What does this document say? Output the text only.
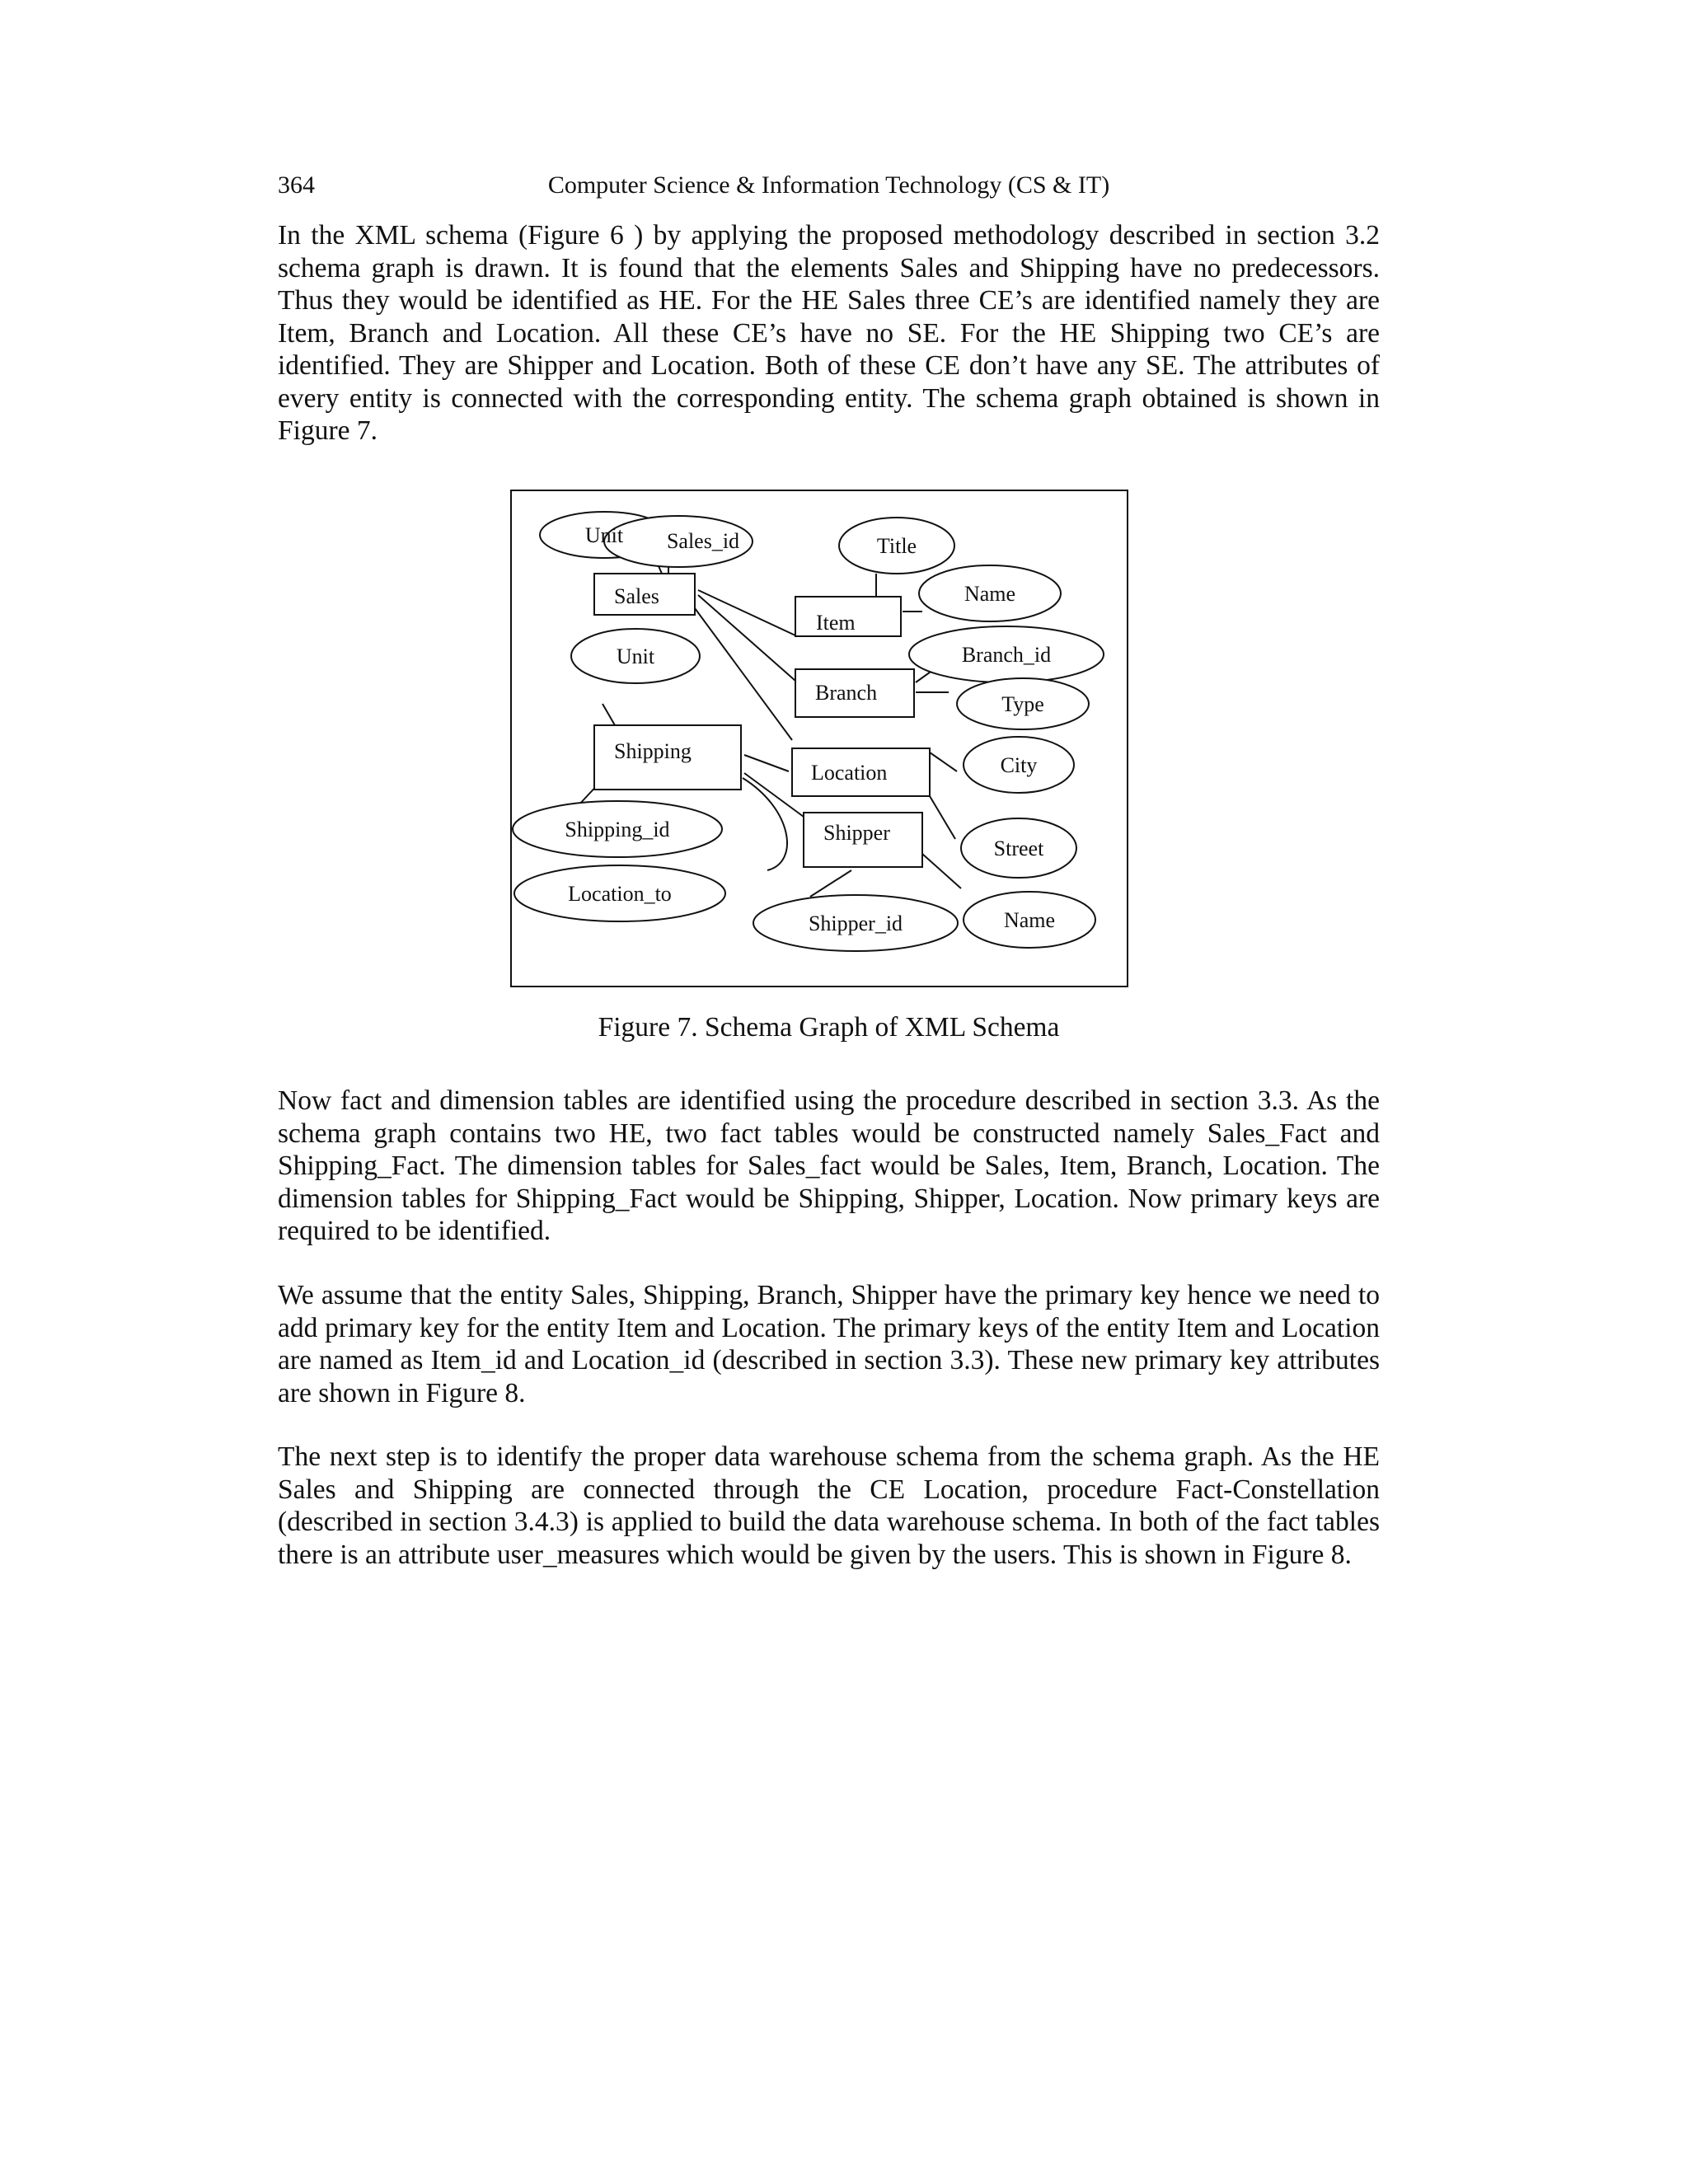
364	Computer Science & Information Technology (CS & IT)

In the XML schema (Figure 6 ) by applying the proposed methodology described in section 3.2 schema graph is drawn. It is found that the elements Sales and Shipping have no predecessors. Thus they would be identified as HE. For the HE Sales three CE’s are identified namely they are Item, Branch and Location. All these CE’s have no SE. For the HE Shipping two CE’s are identified. They are Shipper and Location. Both of these CE don’t have any SE. The attributes of every entity is connected with the corresponding entity. The schema graph obtained is shown in Figure 7.

Sales
Item
Branch
Shipping
Location
Shipper
Unit Sales_id	Title
Name
Branch_id
Type
Unit
City
Street
Name
Shipping_id
Location_to
Shipper_id
Figure 7. Schema Graph of XML Schema

Now fact and dimension tables are identified using the procedure described in section 3.3. As the schema graph contains two HE, two fact tables would be constructed namely Sales_Fact and Shipping_Fact. The dimension tables for Sales_fact would be Sales, Item, Branch, Location. The dimension tables for Shipping_Fact would be Shipping, Shipper, Location. Now primary keys are required to be identified.

We assume that the entity Sales, Shipping, Branch, Shipper have the primary key hence we need to add primary key for the entity Item and Location. The primary keys of the entity Item and Location are named as Item_id and Location_id (described in section 3.3). These new primary key attributes are shown in Figure 8.

The next step is to identify the proper data warehouse schema from the schema graph. As the HE Sales and Shipping are connected through the CE Location, procedure Fact-Constellation (described in section 3.4.3) is applied to build the data warehouse schema. In both of the fact tables there is an attribute user_measures which would be given by the users. This is shown in Figure 8.
